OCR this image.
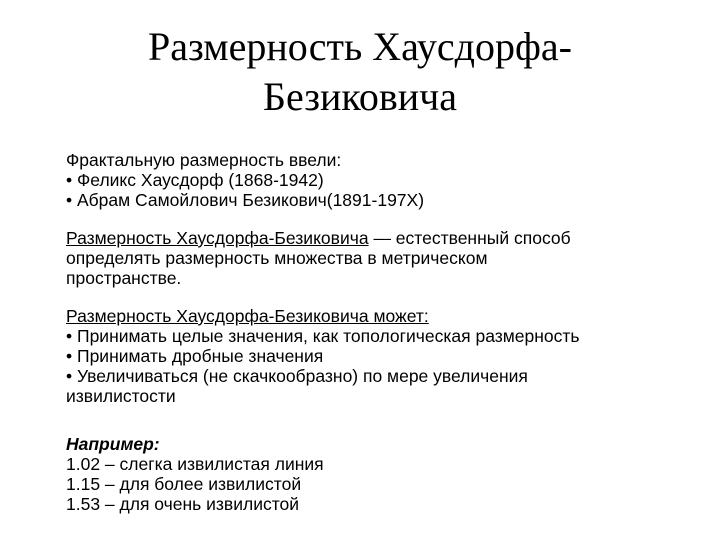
Размерность Хаусдорфа-
Безиковича
Фрактальную размерность ввели:
• Феликс Хаусдорф (1868-1942)
• Абрам Самойлович Безикович(1891-197X)
Размерность Хаусдорфа-Безиковича — естественный способ
определять размерность множества в метрическом
пространстве.
Размерность Хаусдорфа-Безиковича может:
• Принимать целые значения, как топологическая размерность
• Принимать дробные значения
• Увеличиваться (не скачкообразно) по мере увеличения
извилистости
Например:
1.02 – слегка извилистая линия
1.15 – для более извилистой
1.53 – для очень извилистой
